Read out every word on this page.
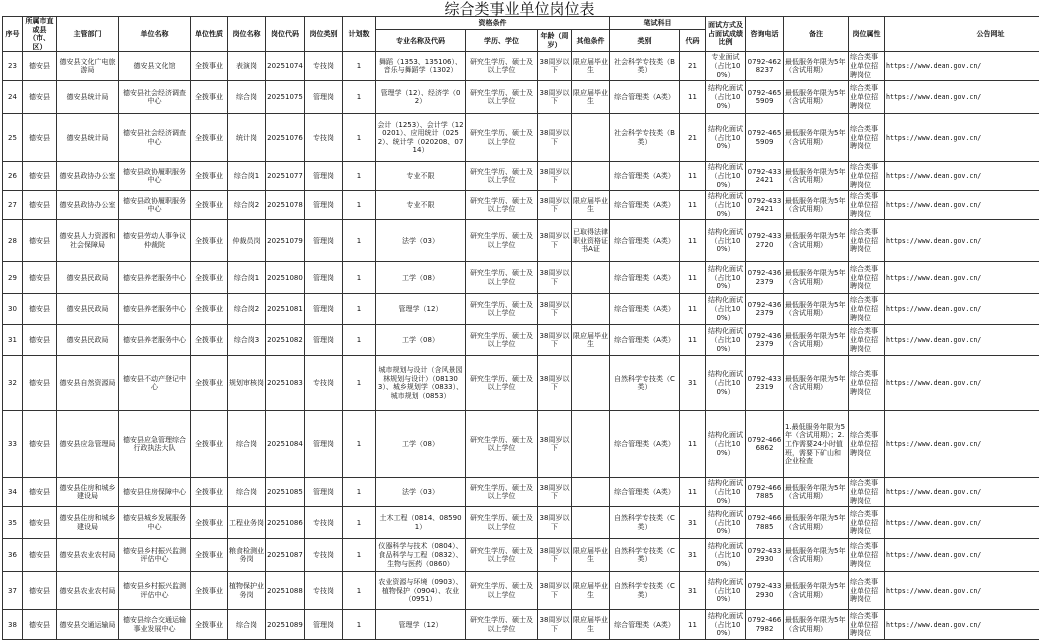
综合类事业单位岗位表
序号	所属市直或县（市、区）	主管部门	单位名称	单位性质	岗位名称	岗位代码	岗位类别	计划数	资格条件				笔试科目		面试方式及占面试成绩比例	咨询电话	备注	岗位属性	公告网址
									专业名称及代码	学历、学位	年龄（周岁）	其他条件	类别	代码					
23	德安县	德安县文化广电旅游局	德安县文化馆	全拨事业	表演岗	20251074	专技岗	1	舞蹈（1353、135106）、音乐与舞蹈学（1302）	研究生学历、硕士及以上学位	38周岁以下	限应届毕业生	社会科学专技类（B类）	21	专业面试（占比100%）	0792-4628237	最低服务年限为5年（含试用期）	综合类事业单位招聘岗位	https://www.dean.gov.cn/
24	德安县	德安县统计局	德安县社会经济调查中心	全拨事业	综合岗	20251075	管理岗	1	管理学（12）、经济学（02）	研究生学历、硕士及以上学位	38周岁以下	限应届毕业生	综合管理类（A类）	11	结构化面试（占比100%）	0792-4655909	最低服务年限为5年（含试用期）	综合类事业单位招聘岗位	https://www.dean.gov.cn/
25	德安县	德安县统计局	德安县社会经济调查中心	全拨事业	统计岗	20251076	专技岗	1	会计（1253）、会计学（120201）、应用统计（0252）、统计学（020208、0714）	研究生学历、硕士及以上学位	38周岁以下		社会科学专技类（B类）	21	结构化面试（占比100%）	0792-4655909	最低服务年限为5年（含试用期）	综合类事业单位招聘岗位	https://www.dean.gov.cn/
26	德安县	德安县政协办公室	德安县政协履职服务中心	全拨事业	综合岗1	20251077	管理岗	1	专业不限	研究生学历、硕士及以上学位	38周岁以下		综合管理类（A类）	11	结构化面试（占比100%）	0792-4332421	最低服务年限为5年（含试用期）	综合类事业单位招聘岗位	https://www.dean.gov.cn/
27	德安县	德安县政协办公室	德安县政协履职服务中心	全拨事业	综合岗2	20251078	管理岗	1	专业不限	研究生学历、硕士及以上学位	38周岁以下	限应届毕业生	综合管理类（A类）	11	结构化面试（占比100%）	0792-4332421	最低服务年限为5年（含试用期）	综合类事业单位招聘岗位	https://www.dean.gov.cn/
28	德安县	德安县人力资源和社会保障局	德安县劳动人事争议仲裁院	全拨事业	仲裁员岗	20251079	管理岗	1	法学（03）	研究生学历、硕士及以上学位	38周岁以下	已取得法律职业资格证书A证	综合管理类（A类）	11	结构化面试（占比100%）	0792-4332720	最低服务年限为5年（含试用期）	综合类事业单位招聘岗位	https://www.dean.gov.cn/
29	德安县	德安县民政局	德安县养老服务中心	全拨事业	综合岗1	20251080	管理岗	1	工学（08）	研究生学历、硕士及以上学位	38周岁以下		综合管理类（A类）	11	结构化面试（占比100%）	0792-4362379	最低服务年限为5年（含试用期）	综合类事业单位招聘岗位	https://www.dean.gov.cn/
30	德安县	德安县民政局	德安县养老服务中心	全拨事业	综合岗2	20251081	管理岗	1	管理学（12）	研究生学历、硕士及以上学位	38周岁以下		综合管理类（A类）	11	结构化面试（占比100%）	0792-4362379	最低服务年限为5年（含试用期）	综合类事业单位招聘岗位	https://www.dean.gov.cn/
31	德安县	德安县民政局	德安县养老服务中心	全拨事业	综合岗3	20251082	管理岗	1	工学（08）	研究生学历、硕士及以上学位	38周岁以下	限应届毕业生	综合管理类（A类）	11	结构化面试（占比100%）	0792-4362379	最低服务年限为5年（含试用期）	综合类事业单位招聘岗位	https://www.dean.gov.cn/
32	德安县	德安县自然资源局	德安县不动产登记中心	全拨事业	规划审核岗	20251083	专技岗	1	城市规划与设计（含风景园林规划与设计）（081303）、城乡规划学（0833）、城市规划（0853）	研究生学历、硕士及以上学位	38周岁以下		自然科学专技类（C类）	31	结构化面试（占比100%）	0792-4332319	最低服务年限为5年（含试用期）	综合类事业单位招聘岗位	https://www.dean.gov.cn/
33	德安县	德安县应急管理局	德安县应急管理综合行政执法大队	全拨事业	综合岗	20251084	管理岗	1	工学（08）	研究生学历、硕士及以上学位	38周岁以下		综合管理类（A类）	11	结构化面试（占比100%）	0792-4666862	1.最低服务年限为5年（含试用期）；2.工作需要24小时值班，需要下矿山和企业检查	综合类事业单位招聘岗位	https://www.dean.gov.cn/
34	德安县	德安县住房和城乡建设局	德安县住房保障中心	全拨事业	综合岗	20251085	管理岗	1	法学（03）	研究生学历、硕士及以上学位	38周岁以下		综合管理类（A类）	11	结构化面试（占比100%）	0792-4667885	最低服务年限为5年（含试用期）	综合类事业单位招聘岗位	https://www.dean.gov.cn/
35	德安县	德安县住房和城乡建设局	德安县城乡发展服务中心	全拨事业	工程业务岗	20251086	专技岗	1	土木工程（0814、085901）	研究生学历、硕士及以上学位	38周岁以下		自然科学专技类（C类）	31	结构化面试（占比100%）	0792-4667885	最低服务年限为5年（含试用期）	综合类事业单位招聘岗位	https://www.dean.gov.cn/
36	德安县	德安县农业农村局	德安县乡村振兴监测评估中心	全拨事业	粮食检测业务岗	20251087	专技岗	1	仪器科学与技术（0804）、食品科学与工程（0832）、生物与医药（0860）	研究生学历、硕士及以上学位	38周岁以下	限应届毕业生	自然科学专技类（C类）	31	结构化面试（占比100%）	0792-4332930	最低服务年限为5年（含试用期）	综合类事业单位招聘岗位	https://www.dean.gov.cn/
37	德安县	德安县农业农村局	德安县乡村振兴监测评估中心	全拨事业	植物保护业务岗	20251088	专技岗	1	农业资源与环境（0903）、植物保护（0904）、农业（0951）	研究生学历、硕士及以上学位	38周岁以下	限应届毕业生	自然科学专技类（C类）	31	结构化面试（占比100%）	0792-4332930	最低服务年限为5年（含试用期）	综合类事业单位招聘岗位	https://www.dean.gov.cn/
38	德安县	德安县交通运输局	德安县综合交通运输事业发展中心	全拨事业	综合岗	20251089	管理岗	1	管理学（12）	研究生学历、硕士及以上学位	38周岁以下	限应届毕业生	综合管理类（A类）	11	结构化面试（占比100%）	0792-4667982	最低服务年限为5年（含试用期）	综合类事业单位招聘岗位	https://www.dean.gov.cn/
